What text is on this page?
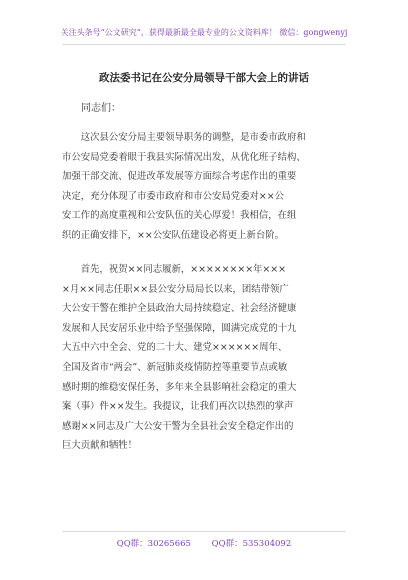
关注头条号“公文研究”，获得最新最全最专业的公文资料库！ 微信：gongwenyj
政法委书记在公安分局领导干部大会上的讲话
同志们：
　　这次县公安分局主要领导职务的调整，是市委市政府和
市公安局党委着眼于我县实际情况出发，从优化班子结构、
加强干部交流、促进改革发展等方面综合考虑作出的重要
决定，充分体现了市委市政府和市公安局党委对××公
安工作的高度重视和公安队伍的关心厚爱！我相信，在组
织的正确安排下，××公安队伍建设必将更上新台阶。
　　首先，祝贺××同志履新，××××××××年×××
×月××同志任职××县公安分局局长以来，团结带领广
大公安干警在维护全县政治大局持续稳定、社会经济健康
发展和人民安居乐业中给予坚强保障，圆满完成党的十九
大五中六中全会、党的二十大、建党××××××周年、
全国及省市“两会”、新冠肺炎疫情防控等重要节点或敏
感时期的维稳安保任务，多年来全县影响社会稳定的重大
案（事）件××发生。我提议，让我们再次以热烈的掌声
感谢××同志及广大公安干警为全县社会安全稳定作出的
巨大贡献和牺牲！
QQ群：30265665 QQ群：535304092
